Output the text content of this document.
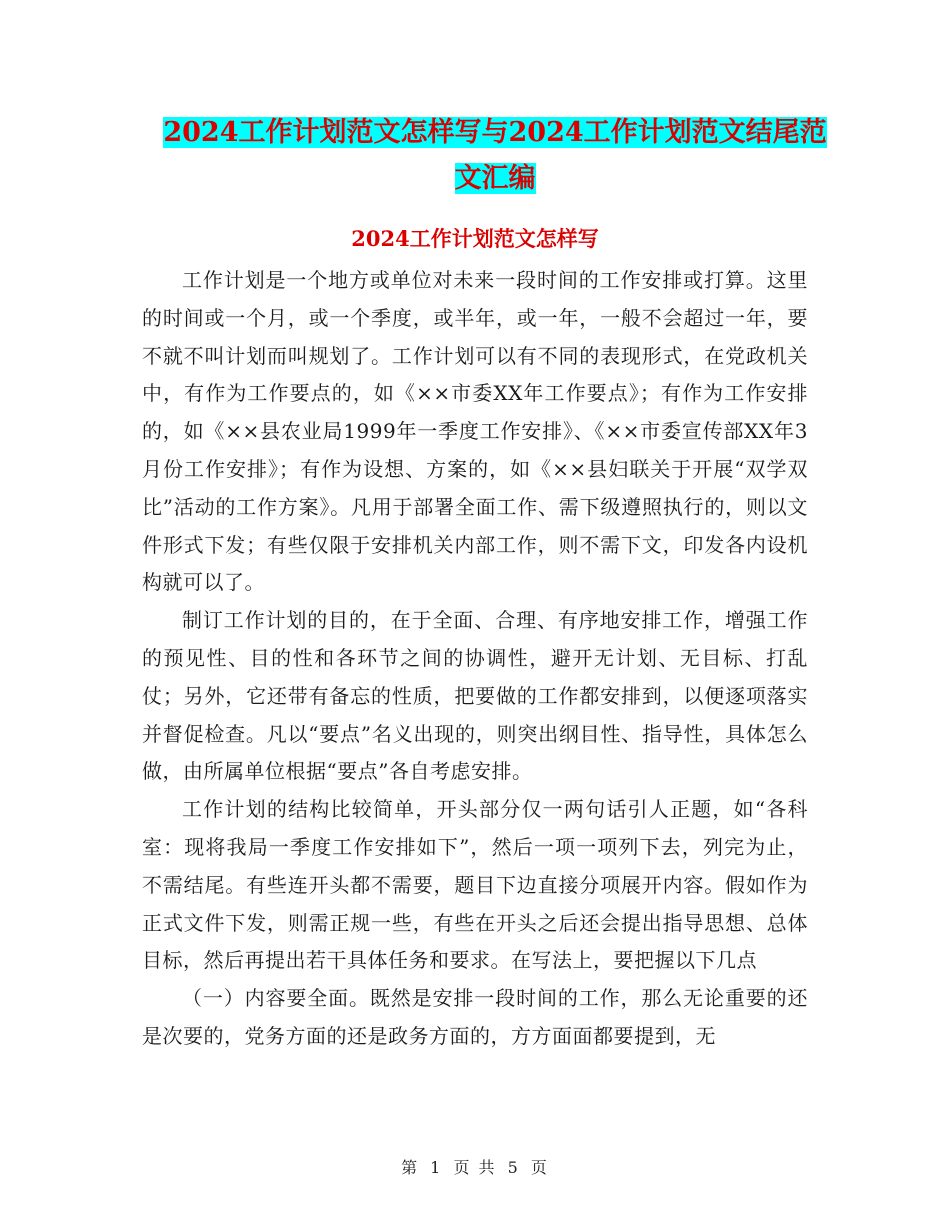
2024工作计划范文怎样写与2024工作计划范文结尾范
文汇编
2024工作计划范文怎样写

工作计划是一个地方或单位对未来一段时间的工作安排或打算。这里的时间或一个月，或一个季度，或半年，或一年，一般不会超过一年，要不就不叫计划而叫规划了。工作计划可以有不同的表现形式，在党政机关中，有作为工作要点的，如《××市委XX年工作要点》；有作为工作安排的，如《××县农业局1999年一季度工作安排》、《××市委宣传部XX年3月份工作安排》；有作为设想、方案的，如《××县妇联关于开展“双学双比”活动的工作方案》。凡用于部署全面工作、需下级遵照执行的，则以文件形式下发；有些仅限于安排机关内部工作，则不需下文，印发各内设机构就可以了。

制订工作计划的目的，在于全面、合理、有序地安排工作，增强工作的预见性、目的性和各环节之间的协调性，避开无计划、无目标、打乱仗；另外，它还带有备忘的性质，把要做的工作都安排到，以便逐项落实并督促检查。凡以“要点”名义出现的，则突出纲目性、指导性，具体怎么做，由所属单位根据“要点”各自考虑安排。

工作计划的结构比较简单，开头部分仅一两句话引人正题，如“各科室：现将我局一季度工作安排如下”，然后一项一项列下去，列完为止，不需结尾。有些连开头都不需要，题目下边直接分项展开内容。假如作为正式文件下发，则需正规一些，有些在开头之后还会提出指导思想、总体目标，然后再提出若干具体任务和要求。在写法上，要把握以下几点

（一）内容要全面。既然是安排一段时间的工作，那么无论重要的还是次要的，党务方面的还是政务方面的，方方面面都要提到，无

第 1 页 共 5 页
